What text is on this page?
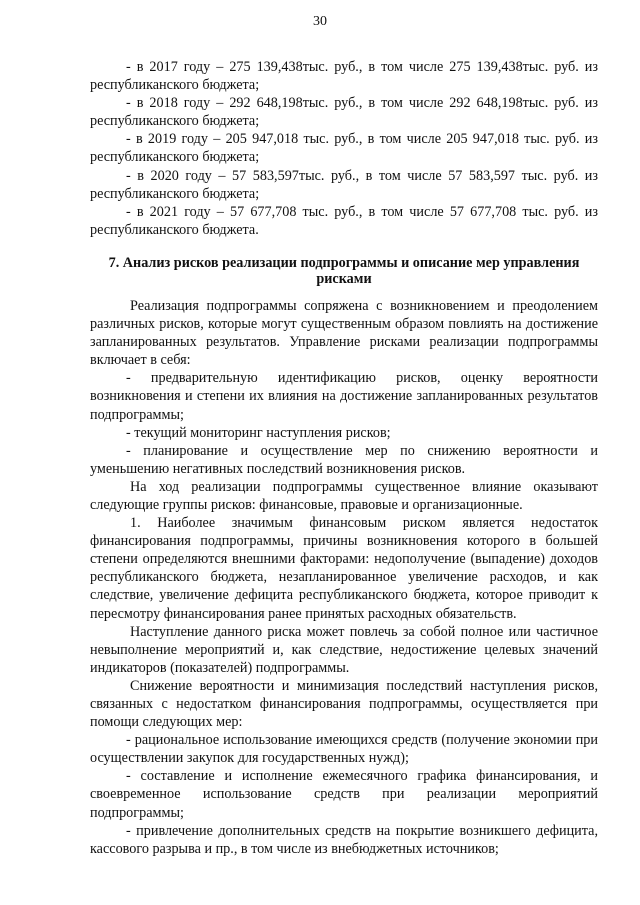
30

- в 2017 году – 275 139,438тыс. руб., в том числе 275 139,438тыс. руб. из республиканского бюджета;

- в 2018 году – 292 648,198тыс. руб., в том числе 292 648,198тыс. руб. из республиканского бюджета;

- в 2019 году – 205 947,018 тыс. руб., в том числе 205 947,018 тыс. руб. из республиканского бюджета;

- в 2020 году – 57 583,597тыс. руб., в том числе 57 583,597 тыс. руб. из республиканского бюджета;

- в 2021 году – 57 677,708 тыс. руб., в том числе 57 677,708 тыс. руб. из республиканского бюджета.

7. Анализ рисков реализации подпрограммы и описание мер управления рисками

Реализация подпрограммы сопряжена с возникновением и преодолением различных рисков, которые могут существенным образом повлиять на достижение запланированных результатов. Управление рисками реализации подпрограммы включает в себя:

- предварительную идентификацию рисков, оценку вероятности возникновения и степени их влияния на достижение запланированных результатов подпрограммы;

- текущий мониторинг наступления рисков;

- планирование и осуществление мер по снижению вероятности и уменьшению негативных последствий возникновения рисков.

На ход реализации подпрограммы существенное влияние оказывают следующие группы рисков: финансовые, правовые и организационные.

1. Наиболее значимым финансовым риском является недостаток финансирования подпрограммы, причины возникновения которого в большей степени определяются внешними факторами: недополучение (выпадение) доходов республиканского бюджета, незапланированное увеличение расходов, и как следствие, увеличение дефицита республиканского бюджета, которое приводит к пересмотру финансирования ранее принятых расходных обязательств.

Наступление данного риска может повлечь за собой полное или частичное невыполнение мероприятий и, как следствие, недостижение целевых значений индикаторов (показателей) подпрограммы.

Снижение вероятности и минимизация последствий наступления рисков, связанных с недостатком финансирования подпрограммы, осуществляется при помощи следующих мер:

- рациональное использование имеющихся средств (получение экономии при осуществлении закупок для государственных нужд);

- составление и исполнение ежемесячного графика финансирования, и своевременное использование средств при реализации мероприятий подпрограммы;

- привлечение дополнительных средств на покрытие возникшего дефицита, кассового разрыва и пр., в том числе из внебюджетных источников;
